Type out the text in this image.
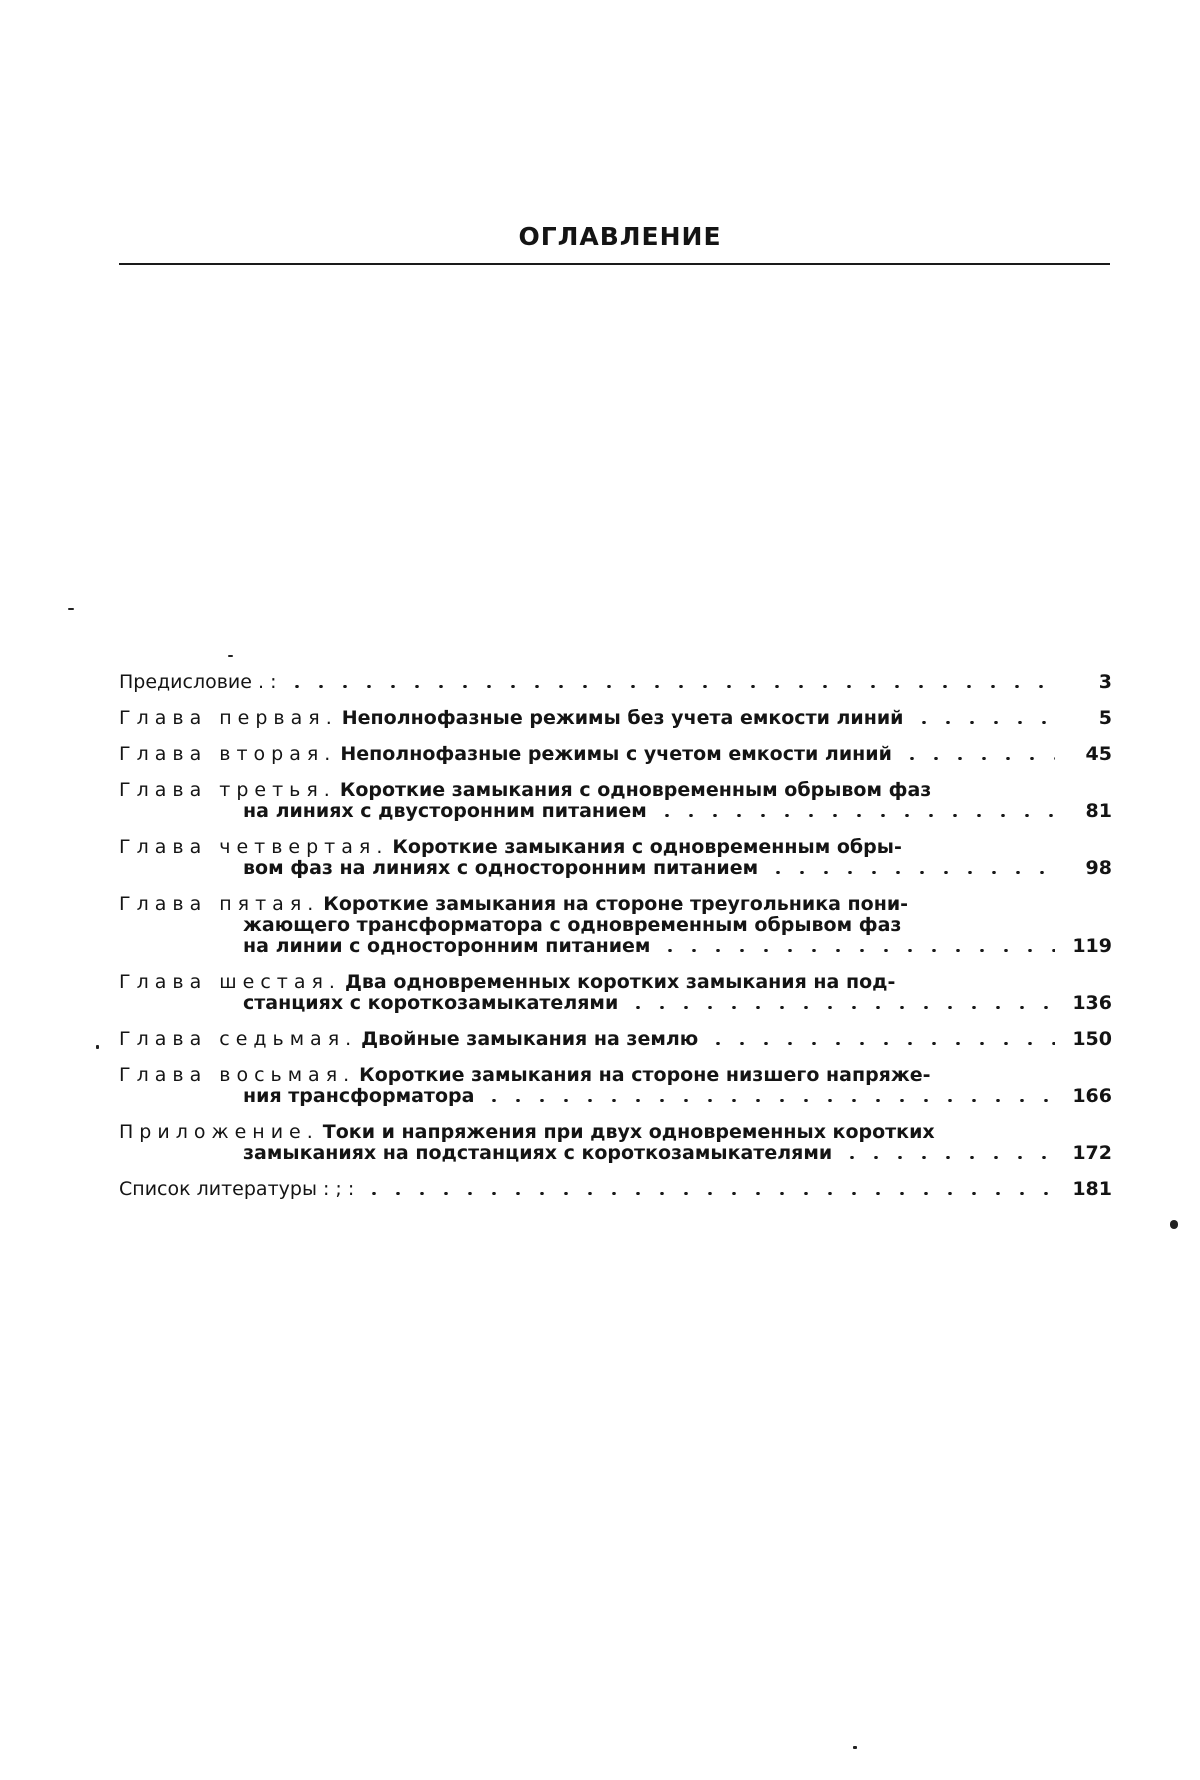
ОГЛАВЛЕНИЕ
Предисловие . :	3
Глава первая. Неполнофазные режимы без учета емкости линий	5
Глава вторая. Неполнофазные режимы с учетом емкости линий	45
Глава третья. Короткие замыкания с одновременным обрывом фаз
на линиях с двусторонним питанием	81
Глава четвертая. Короткие замыкания с одновременным обры-
вом фаз на линиях с односторонним питанием	98
Глава пятая. Короткие замыкания на стороне треугольника пони-
жающего трансформатора с одновременным обрывом фаз
на линии с односторонним питанием	119
Глава шестая. Два одновременных коротких замыкания на под-
станциях с короткозамыкателями	136
Глава седьмая. Двойные замыкания на землю	150
Глава восьмая. Короткие замыкания на стороне низшего напряже-
ния трансформатора	166
Приложение. Токи и напряжения при двух одновременных коротких
замыканиях на подстанциях с короткозамыкателями	172
Список литературы : ; :	181
